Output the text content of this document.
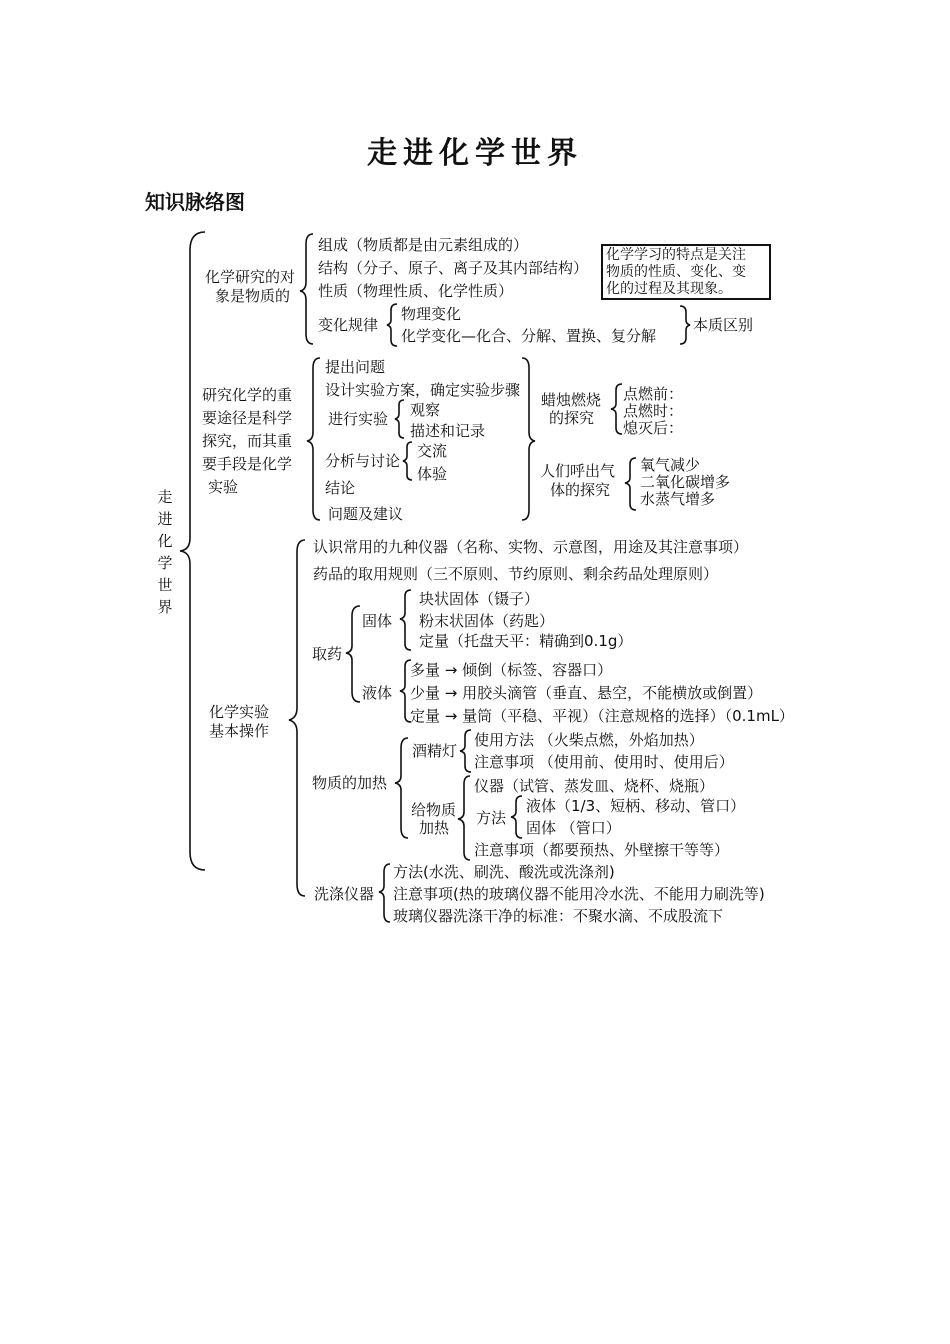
走进化学世界
知识脉络图
走进化学世界
化学研究的对
象是物质的
组成（物质都是由元素组成的）
结构（分子、原子、离子及其内部结构）
性质（物理性质、化学性质）
变化规律
物理变化
化学变化—化合、分解、置换、复分解
本质区别
化学学习的特点是关注
物质的性质、变化、变
化的过程及其现象。
研究化学的重
要途径是科学
探究，而其重
要手段是化学
实验
提出问题
设计实验方案，确定实验步骤
进行实验 观察
描述和记录
分析与讨论
交流
体验
结论
问题及建议
蜡烛燃烧
的探究
点燃前：
点燃时：
熄灭后：
人们呼出气
体的探究
氧气减少
二氧化碳增多
水蒸气增多
化学实验
基本操作
认识常用的九种仪器（名称、实物、示意图，用途及其注意事项）
药品的取用规则（三不原则、节约原则、剩余药品处理原则）
取药
固体
块状固体（镊子）
粉末状固体（药匙）
定量（托盘天平：精确到0.1g）
液体
多量 → 倾倒（标签、容器口）
少量 → 用胶头滴管（垂直、悬空，不能横放或倒置）
定量 → 量筒（平稳、平视）（注意规格的选择）（0.1mL）
物质的加热
酒精灯
使用方法 （火柴点燃，外焰加热）
注意事项 （使用前、使用时、使用后）
给物质
加热
仪器（试管、蒸发皿、烧杯、烧瓶）
方法
液体（1/3、短柄、移动、管口）
固体 （管口）
注意事项（都要预热、外壁擦干等等）
洗涤仪器
方法(水洗、刷洗、酸洗或洗涤剂)
注意事项(热的玻璃仪器不能用冷水洗、不能用力刷洗等)
玻璃仪器洗涤干净的标准：不聚水滴、不成股流下
